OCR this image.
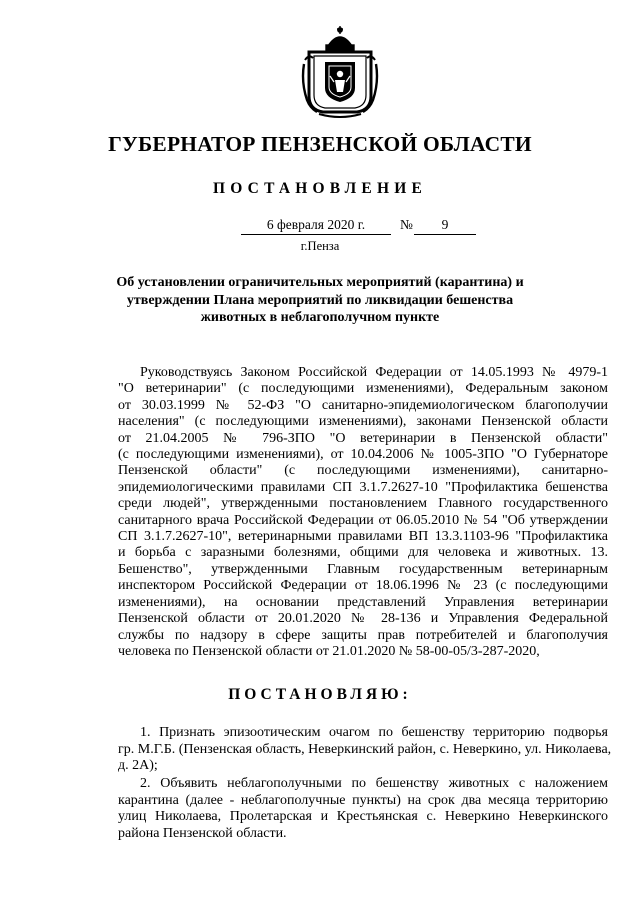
ГУБЕРНАТОР ПЕНЗЕНСКОЙ ОБЛАСТИ
ПОСТАНОВЛЕНИЕ
6 февраля 2020 г.	№	9
г.Пенза
Об установлении ограничительных мероприятий (карантина) и
утверждении Плана мероприятий по ликвидации бешенства
животных в неблагополучном пункте
Руководствуясь Законом Российской Федерации от 14.05.1993 № 4979-1
"О ветеринарии" (с последующими изменениями), Федеральным законом
от 30.03.1999 № 52-ФЗ "О санитарно-эпидемиологическом благополучии
населения" (с последующими изменениями), законами Пензенской области
от 21.04.2005 № 796-ЗПО "О ветеринарии в Пензенской области"
(с последующими изменениями), от 10.04.2006 № 1005-ЗПО "О Губернаторе
Пензенской области" (с последующими изменениями), санитарно-
эпидемиологическими правилами СП 3.1.7.2627-10 "Профилактика бешенства
среди людей", утвержденными постановлением Главного государственного
санитарного врача Российской Федерации от 06.05.2010 № 54 "Об утверждении
СП 3.1.7.2627-10", ветеринарными правилами ВП 13.3.1103-96 "Профилактика
и борьба с заразными болезнями, общими для человека и животных. 13.
Бешенство", утвержденными Главным государственным ветеринарным
инспектором Российской Федерации от 18.06.1996 № 23 (с последующими
изменениями), на основании представлений Управления ветеринарии
Пензенской области от 20.01.2020 № 28-136 и Управления Федеральной
службы по надзору в сфере защиты прав потребителей и благополучия
человека по Пензенской области от 21.01.2020 № 58-00-05/3-287-2020,
ПОСТАНОВЛЯЮ:
1. Признать эпизоотическим очагом по бешенству территорию подворья
гр. М.Г.Б. (Пензенская область, Неверкинский район, с. Неверкино, ул. Николаева,
д. 2А);
2. Объявить неблагополучными по бешенству животных с наложением
карантина (далее - неблагополучные пункты) на срок два месяца территорию
улиц Николаева, Пролетарская и Крестьянская с. Неверкино Неверкинского
района Пензенской области.
